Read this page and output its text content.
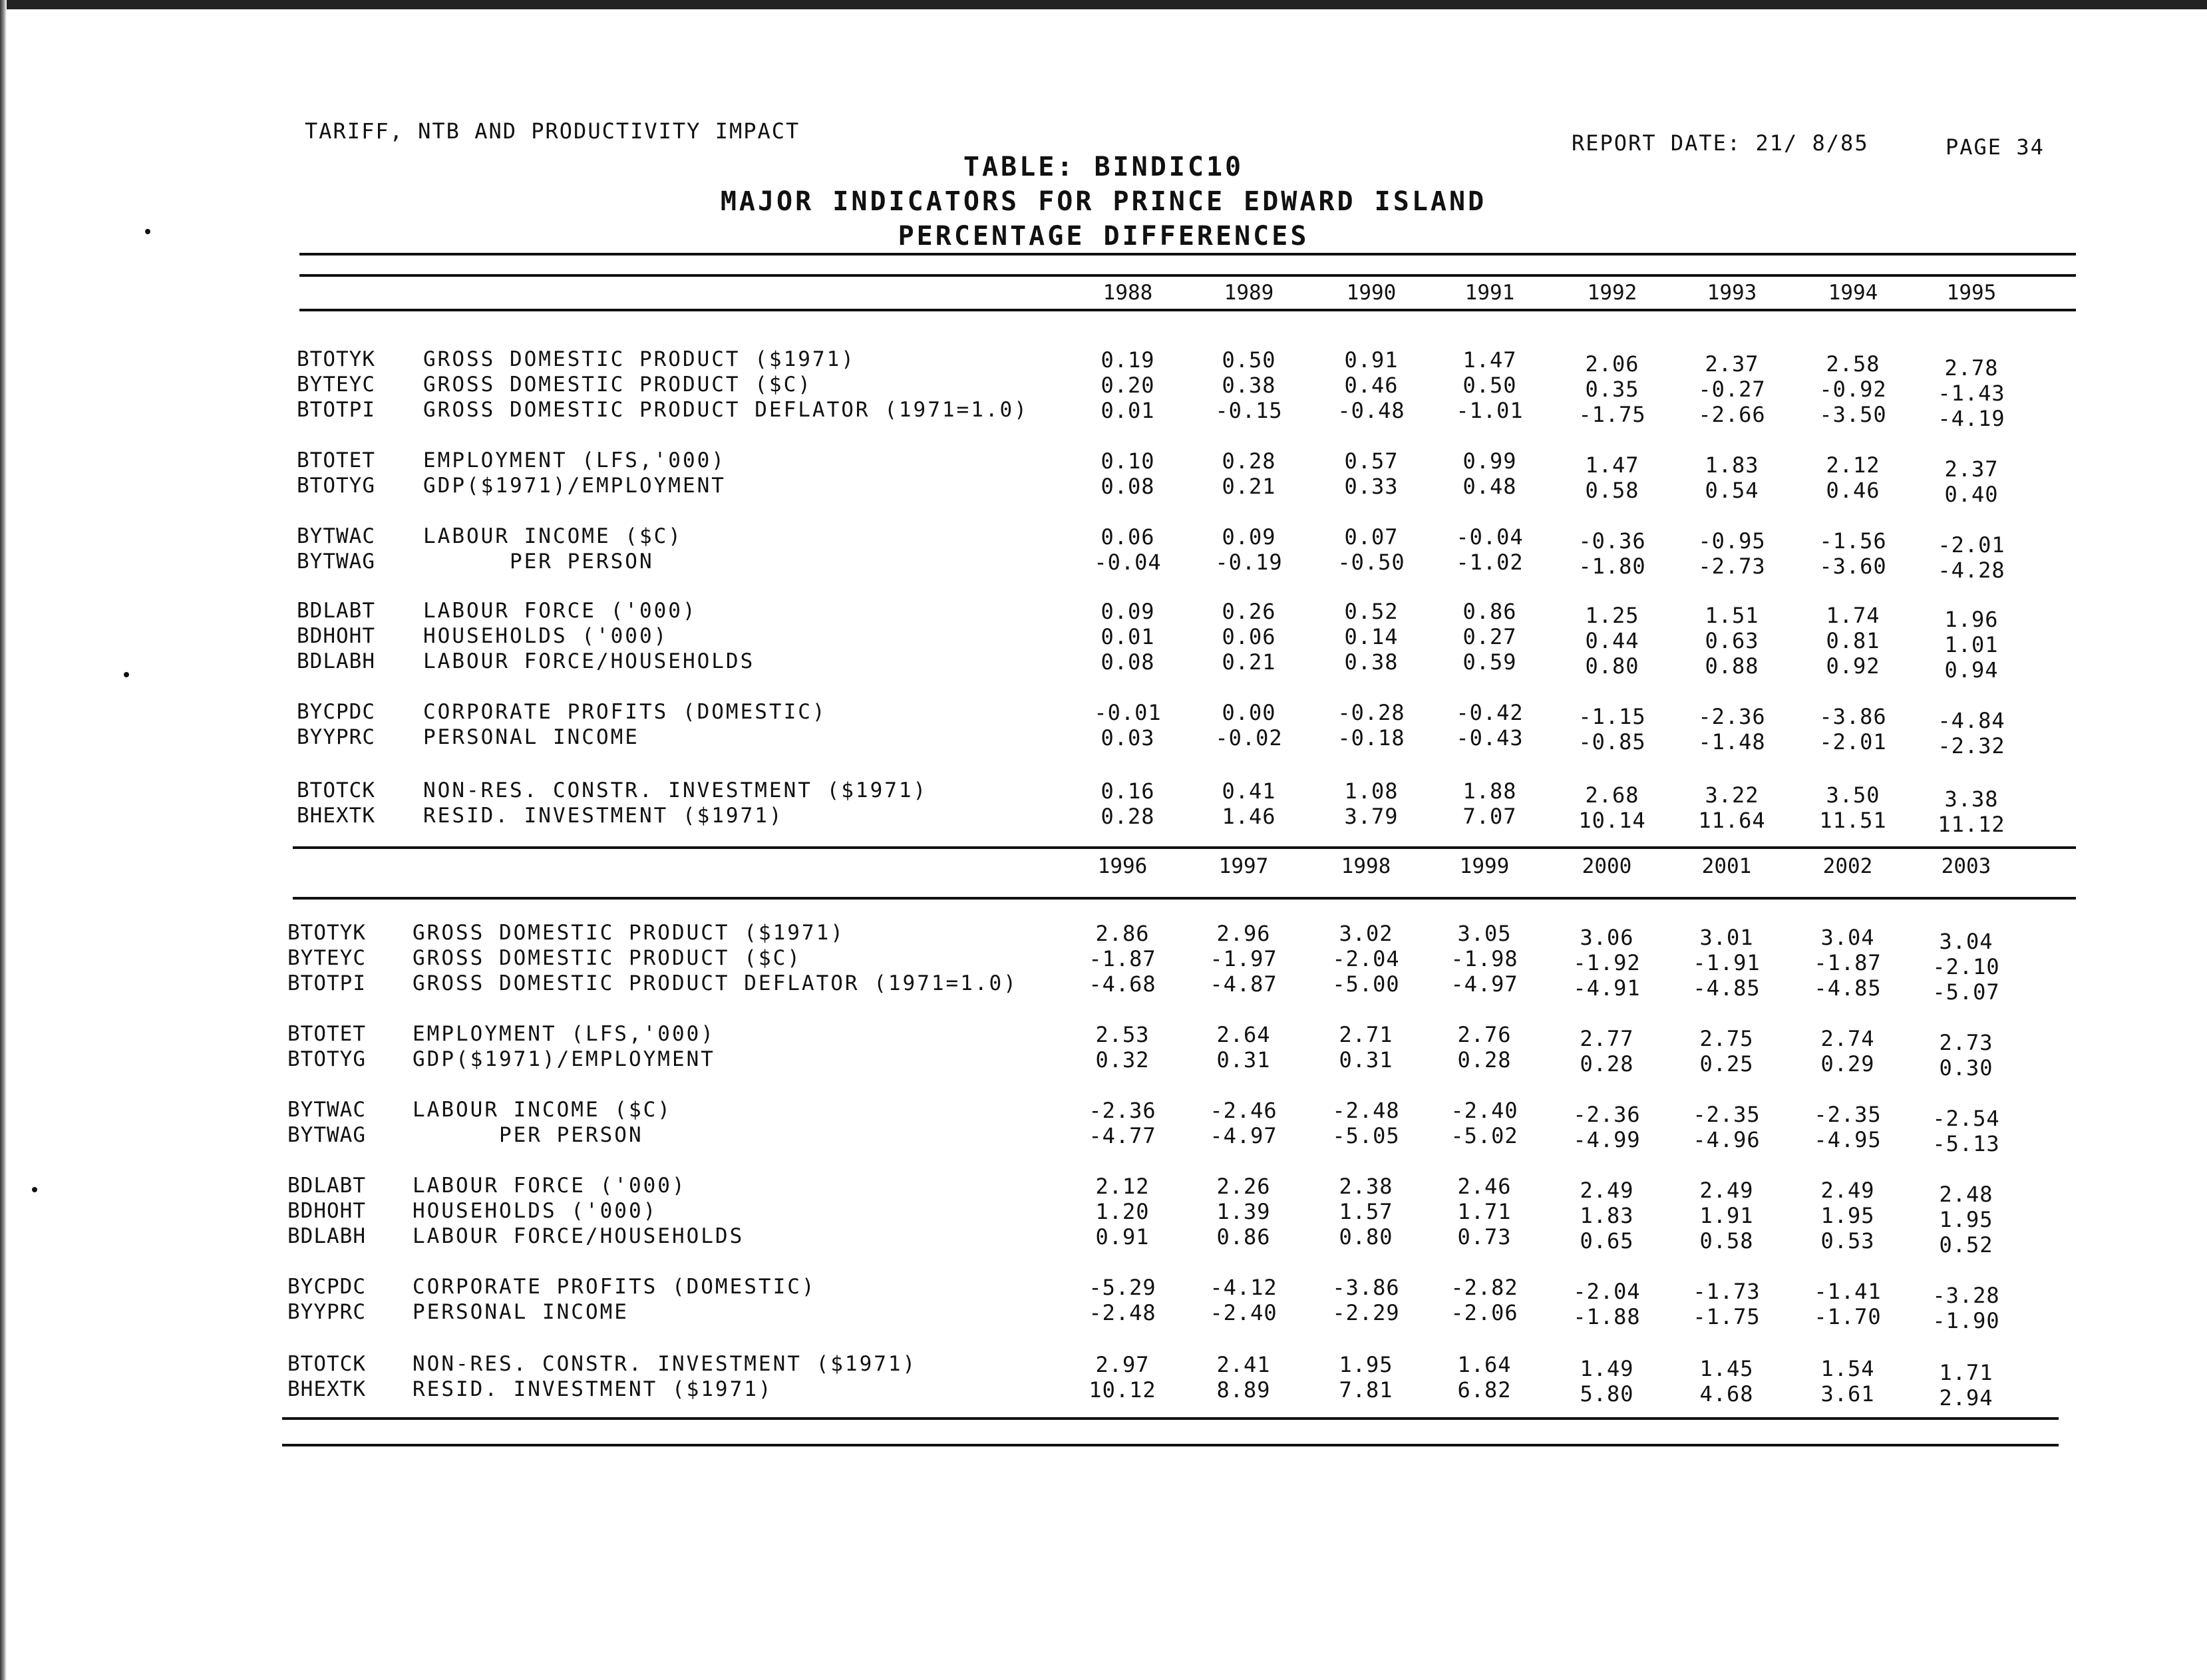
TARIFF, NTB AND PRODUCTIVITY IMPACT	REPORT DATE: 21/ 8/85	PAGE 34
TABLE: BINDIC10
MAJOR INDICATORS FOR PRINCE EDWARD ISLAND
PERCENTAGE DIFFERENCES
1988	1989	1990	1991	1992	1993	1994	1995
BTOTYK GROSS DOMESTIC PRODUCT ($1971)	0.19	0.50	0.91	1.47	2.06	2.37	2.58	2.78
BYTEYC GROSS DOMESTIC PRODUCT ($C)	0.20	0.38	0.46	0.50	0.35	-0.27	-0.92	-1.43
BTOTPI GROSS DOMESTIC PRODUCT DEFLATOR (1971=1.0)	0.01	-0.15	-0.48	-1.01	-1.75	-2.66	-3.50	-4.19
BTOTET EMPLOYMENT (LFS,'000)	0.10	0.28	0.57	0.99	1.47	1.83	2.12	2.37
BTOTYG GDP($1971)/EMPLOYMENT	0.08	0.21	0.33	0.48	0.58	0.54	0.46	0.40
BYTWAC LABOUR INCOME ($C)	0.06	0.09	0.07	-0.04	-0.36	-0.95	-1.56	-2.01
BYTWAG PER PERSON	-0.04	-0.19	-0.50	-1.02	-1.80	-2.73	-3.60	-4.28
BDLABT LABOUR FORCE ('000)	0.09	0.26	0.52	0.86	1.25	1.51	1.74	1.96
BDHOHT HOUSEHOLDS ('000)	0.01	0.06	0.14	0.27	0.44	0.63	0.81	1.01
BDLABH LABOUR FORCE/HOUSEHOLDS	0.08	0.21	0.38	0.59	0.80	0.88	0.92	0.94
BYCPDC CORPORATE PROFITS (DOMESTIC)	-0.01	0.00	-0.28	-0.42	-1.15	-2.36	-3.86	-4.84
BYYPRC PERSONAL INCOME	0.03	-0.02	-0.18	-0.43	-0.85	-1.48	-2.01	-2.32
BTOTCK NON-RES. CONSTR. INVESTMENT ($1971)	0.16	0.41	1.08	1.88	2.68	3.22	3.50	3.38
BHEXTK RESID. INVESTMENT ($1971)	0.28	1.46	3.79	7.07	10.14	11.64	11.51	11.12
1996	1997	1998	1999	2000	2001	2002	2003
BTOTYK GROSS DOMESTIC PRODUCT ($1971)	2.86	2.96	3.02	3.05	3.06	3.01	3.04	3.04
BYTEYC GROSS DOMESTIC PRODUCT ($C)	-1.87	-1.97	-2.04	-1.98	-1.92	-1.91	-1.87	-2.10
BTOTPI GROSS DOMESTIC PRODUCT DEFLATOR (1971=1.0)	-4.68	-4.87	-5.00	-4.97	-4.91	-4.85	-4.85	-5.07
BTOTET EMPLOYMENT (LFS,'000)	2.53	2.64	2.71	2.76	2.77	2.75	2.74	2.73
BTOTYG GDP($1971)/EMPLOYMENT	0.32	0.31	0.31	0.28	0.28	0.25	0.29	0.30
BYTWAC LABOUR INCOME ($C)	-2.36	-2.46	-2.48	-2.40	-2.36	-2.35	-2.35	-2.54
BYTWAG PER PERSON	-4.77	-4.97	-5.05	-5.02	-4.99	-4.96	-4.95	-5.13
BDLABT LABOUR FORCE ('000)	2.12	2.26	2.38	2.46	2.49	2.49	2.49	2.48
BDHOHT HOUSEHOLDS ('000)	1.20	1.39	1.57	1.71	1.83	1.91	1.95	1.95
BDLABH LABOUR FORCE/HOUSEHOLDS	0.91	0.86	0.80	0.73	0.65	0.58	0.53	0.52
BYCPDC CORPORATE PROFITS (DOMESTIC)	-5.29	-4.12	-3.86	-2.82	-2.04	-1.73	-1.41	-3.28
BYYPRC PERSONAL INCOME	-2.48	-2.40	-2.29	-2.06	-1.88	-1.75	-1.70	-1.90
BTOTCK NON-RES. CONSTR. INVESTMENT ($1971)	2.97	2.41	1.95	1.64	1.49	1.45	1.54	1.71
BHEXTK RESID. INVESTMENT ($1971)	10.12	8.89	7.81	6.82	5.80	4.68	3.61	2.94
